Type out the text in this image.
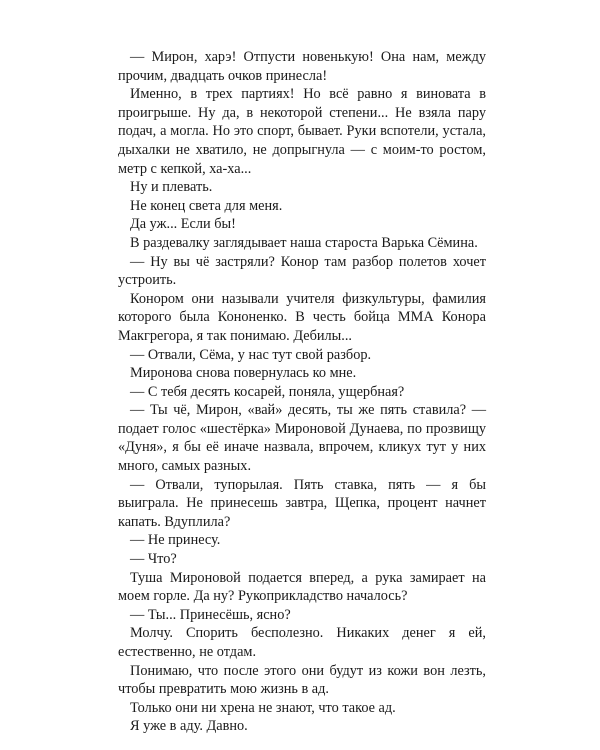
— Мирон, харэ! Отпусти новенькую! Она нам, между прочим, двадцать очков принесла!

Именно, в трех партиях! Но всё равно я виновата в проигрыше. Ну да, в некоторой степени... Не взяла пару подач, а могла. Но это спорт, бывает. Руки вспотели, устала, дыхалки не хватило, не допрыгнула — с моим-то ростом, метр с кепкой, ха-ха...

Ну и плевать.

Не конец света для меня.

Да уж... Если бы!

В раздевалку заглядывает наша староста Варька Сёмина.

— Ну вы чё застряли? Конор там разбор полетов хочет устроить.

Конором они называли учителя физкультуры, фамилия которого была Кононенко. В честь бойца ММА Конора Макгрегора, я так понимаю. Дебилы...

— Отвали, Сёма, у нас тут свой разбор.

Миронова снова повернулась ко мне.

— С тебя десять косарей, поняла, ущербная?

— Ты чё, Мирон, «вай» десять, ты же пять ставила? — подает голос «шестёрка» Мироновой Дунаева, по прозвищу «Дуня», я бы её иначе назвала, впрочем, кликух тут у них много, самых разных.

— Отвали, тупорылая. Пять ставка, пять — я бы выиграла. Не принесешь завтра, Щепка, процент начнет капать. Вдуплила?

— Не принесу.

— Что?

Туша Мироновой подается вперед, а рука замирает на моем горле. Да ну? Рукоприкладство началось?

— Ты... Принесёшь, ясно?

Молчу. Спорить бесполезно. Никаких денег я ей, естественно, не отдам.

Понимаю, что после этого они будут из кожи вон лезть, чтобы превратить мою жизнь в ад.

Только они ни хрена не знают, что такое ад.

Я уже в аду. Давно.
